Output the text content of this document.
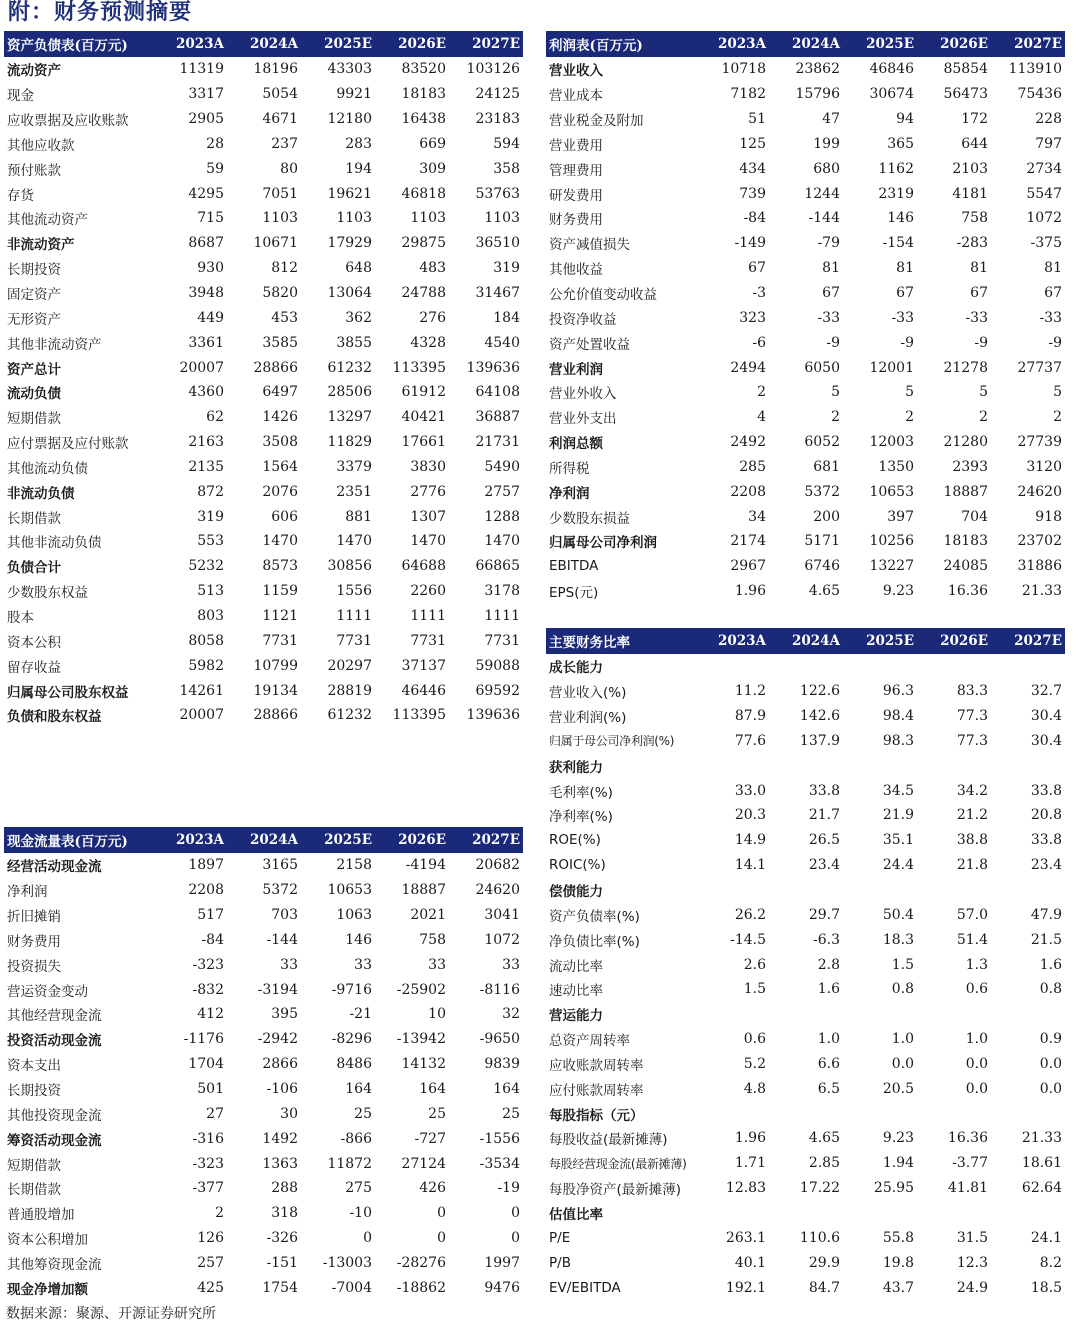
附：财务预测摘要
资产负债表(百万元)	2023A	2024A	2025E	2026E	2027E
流动资产	11319	18196	43303	83520	103126
现金	3317	5054	9921	18183	24125
应收票据及应收账款	2905	4671	12180	16438	23183
其他应收款	28	237	283	669	594
预付账款	59	80	194	309	358
存货	4295	7051	19621	46818	53763
其他流动资产	715	1103	1103	1103	1103
非流动资产	8687	10671	17929	29875	36510
长期投资	930	812	648	483	319
固定资产	3948	5820	13064	24788	31467
无形资产	449	453	362	276	184
其他非流动资产	3361	3585	3855	4328	4540
资产总计	20007	28866	61232	113395	139636
流动负债	4360	6497	28506	61912	64108
短期借款	62	1426	13297	40421	36887
应付票据及应付账款	2163	3508	11829	17661	21731
其他流动负债	2135	1564	3379	3830	5490
非流动负债	872	2076	2351	2776	2757
长期借款	319	606	881	1307	1288
其他非流动负债	553	1470	1470	1470	1470
负债合计	5232	8573	30856	64688	66865
少数股东权益	513	1159	1556	2260	3178
股本	803	1121	1111	1111	1111
资本公积	8058	7731	7731	7731	7731
留存收益	5982	10799	20297	37137	59088
归属母公司股东权益	14261	19134	28819	46446	69592
负债和股东权益	20007	28866	61232	113395	139636
利润表(百万元)	2023A	2024A	2025E	2026E	2027E
营业收入	10718	23862	46846	85854	113910
营业成本	7182	15796	30674	56473	75436
营业税金及附加	51	47	94	172	228
营业费用	125	199	365	644	797
管理费用	434	680	1162	2103	2734
研发费用	739	1244	2319	4181	5547
财务费用	-84	-144	146	758	1072
资产减值损失	-149	-79	-154	-283	-375
其他收益	67	81	81	81	81
公允价值变动收益	-3	67	67	67	67
投资净收益	323	-33	-33	-33	-33
资产处置收益	-6	-9	-9	-9	-9
营业利润	2494	6050	12001	21278	27737
营业外收入	2	5	5	5	5
营业外支出	4	2	2	2	2
利润总额	2492	6052	12003	21280	27739
所得税	285	681	1350	2393	3120
净利润	2208	5372	10653	18887	24620
少数股东损益	34	200	397	704	918
归属母公司净利润	2174	5171	10256	18183	23702
EBITDA	2967	6746	13227	24085	31886
EPS(元)	1.96	4.65	9.23	16.36	21.33
现金流量表(百万元)	2023A	2024A	2025E	2026E	2027E
经营活动现金流	1897	3165	2158	-4194	20682
净利润	2208	5372	10653	18887	24620
折旧摊销	517	703	1063	2021	3041
财务费用	-84	-144	146	758	1072
投资损失	-323	33	33	33	33
营运资金变动	-832	-3194	-9716	-25902	-8116
其他经营现金流	412	395	-21	10	32
投资活动现金流	-1176	-2942	-8296	-13942	-9650
资本支出	1704	2866	8486	14132	9839
长期投资	501	-106	164	164	164
其他投资现金流	27	30	25	25	25
筹资活动现金流	-316	1492	-866	-727	-1556
短期借款	-323	1363	11872	27124	-3534
长期借款	-377	288	275	426	-19
普通股增加	2	318	-10	0	0
资本公积增加	126	-326	0	0	0
其他筹资现金流	257	-151	-13003	-28276	1997
现金净增加额	425	1754	-7004	-18862	9476
主要财务比率	2023A	2024A	2025E	2026E	2027E
成长能力					
营业收入(%)	11.2	122.6	96.3	83.3	32.7
营业利润(%)	87.9	142.6	98.4	77.3	30.4
归属于母公司净利润(%)	77.6	137.9	98.3	77.3	30.4
获利能力					
毛利率(%)	33.0	33.8	34.5	34.2	33.8
净利率(%)	20.3	21.7	21.9	21.2	20.8
ROE(%)	14.9	26.5	35.1	38.8	33.8
ROIC(%)	14.1	23.4	24.4	21.8	23.4
偿债能力					
资产负债率(%)	26.2	29.7	50.4	57.0	47.9
净负债比率(%)	-14.5	-6.3	18.3	51.4	21.5
流动比率	2.6	2.8	1.5	1.3	1.6
速动比率	1.5	1.6	0.8	0.6	0.8
营运能力					
总资产周转率	0.6	1.0	1.0	1.0	0.9
应收账款周转率	5.2	6.6	0.0	0.0	0.0
应付账款周转率	4.8	6.5	20.5	0.0	0.0
每股指标（元）					
每股收益(最新摊薄)	1.96	4.65	9.23	16.36	21.33
每股经营现金流(最新摊薄)	1.71	2.85	1.94	-3.77	18.61
每股净资产(最新摊薄)	12.83	17.22	25.95	41.81	62.64
估值比率					
P/E	263.1	110.6	55.8	31.5	24.1
P/B	40.1	29.9	19.8	12.3	8.2
EV/EBITDA	192.1	84.7	43.7	24.9	18.5
数据来源：聚源、开源证券研究所
